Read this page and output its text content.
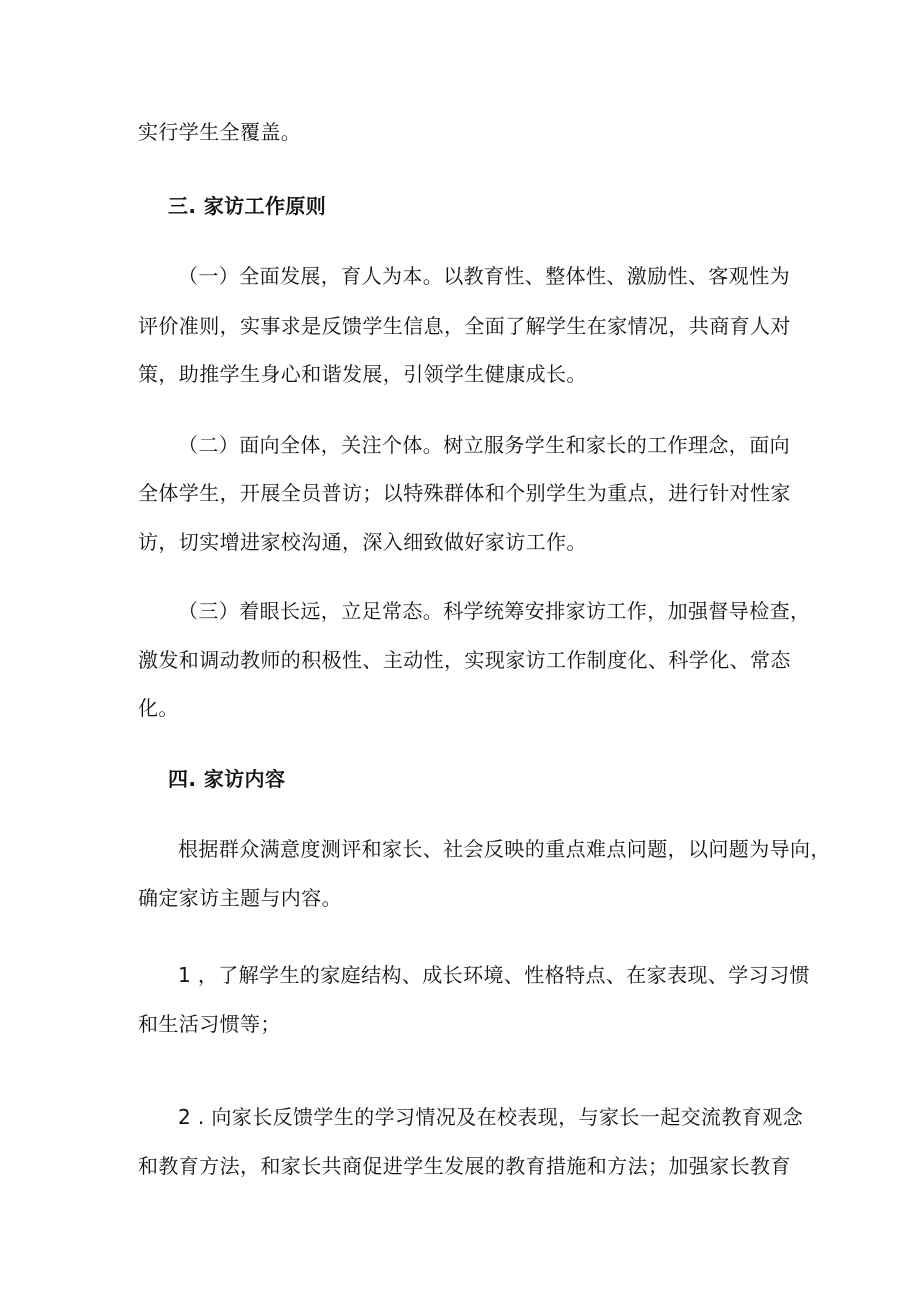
实行学生全覆盖。
三. 家访工作原则
（一）全面发展，育人为本。以教育性、整体性、激励性、客观性为
评价准则，实事求是反馈学生信息，全面了解学生在家情况，共商育人对
策，助推学生身心和谐发展，引领学生健康成长。
（二）面向全体，关注个体。树立服务学生和家长的工作理念，面向
全体学生，开展全员普访；以特殊群体和个别学生为重点，进行针对性家
访，切实增进家校沟通，深入细致做好家访工作。
（三）着眼长远，立足常态。科学统筹安排家访工作，加强督导检查，
激发和调动教师的积极性、主动性，实现家访工作制度化、科学化、常态
化。
四. 家访内容
根据群众满意度测评和家长、社会反映的重点难点问题，以问题为导向，
确定家访主题与内容。
1 ，了解学生的家庭结构、成长环境、性格特点、在家表现、学习习惯
和生活习惯等；
2 . 向家长反馈学生的学习情况及在校表现，与家长一起交流教育观念
和教育方法，和家长共商促进学生发展的教育措施和方法；加强家长教育
